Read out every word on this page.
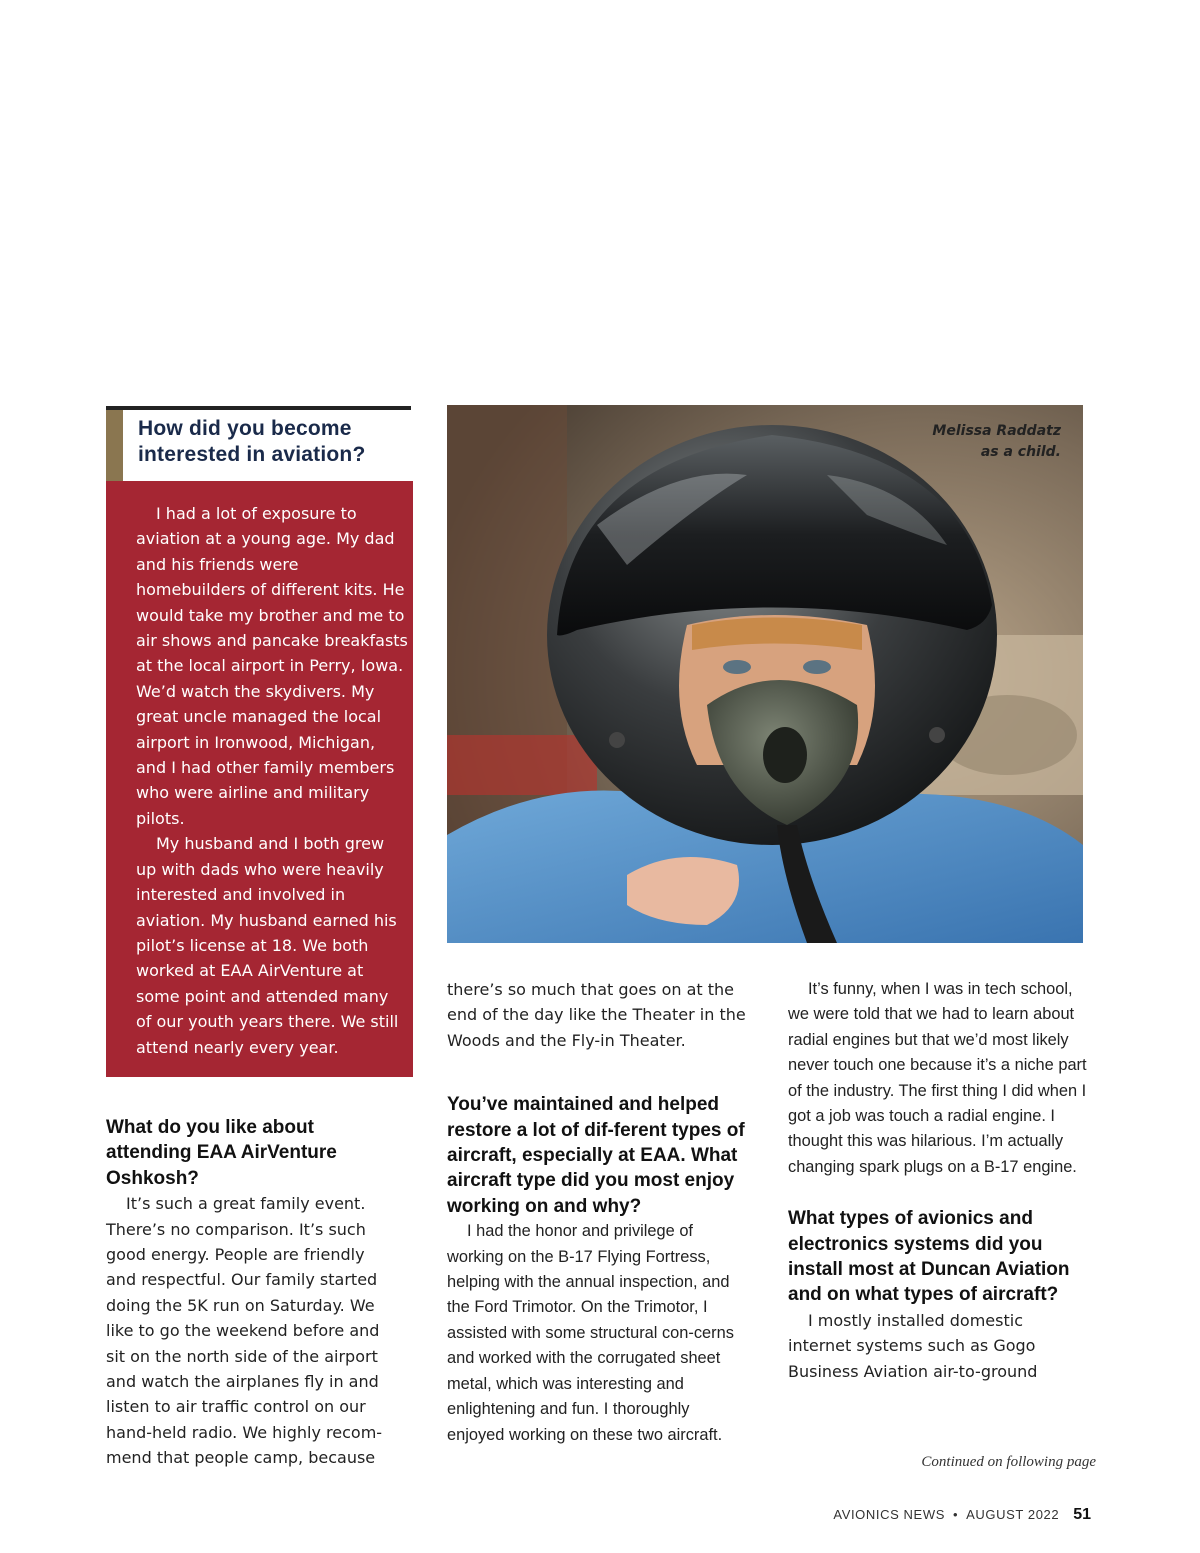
How did you become interested in aviation?

I had a lot of exposure to aviation at a young age. My dad and his friends were homebuilders of different kits. He would take my brother and me to air shows and pancake breakfasts at the local airport in Perry, Iowa. We’d watch the skydivers. My great uncle managed the local airport in Ironwood, Michigan, and I had other family members who were airline and military pilots.

My husband and I both grew up with dads who were heavily interested and involved in aviation. My husband earned his pilot’s license at 18. We both worked at EAA AirVenture at some point and attended many of our youth years there. We still attend nearly every year.

Melissa Raddatz
as a child.
What do you like about attending EAA AirVenture Oshkosh?

It’s such a great family event. There’s no comparison. It’s such good energy. People are friendly and respectful. Our family started doing the 5K run on Saturday. We like to go the weekend before and sit on the north side of the airport and watch the airplanes fly in and listen to air traffic control on our hand-held radio. We highly recom-mend that people camp, because

there’s so much that goes on at the end of the day like the Theater in the Woods and the Fly-in Theater.

You’ve maintained and helped restore a lot of dif-ferent types of aircraft, especially at EAA. What aircraft type did you most enjoy working on and why?

I had the honor and privilege of working on the B-17 Flying Fortress, helping with the annual inspection, and the Ford Trimotor. On the Trimotor, I assisted with some structural con-cerns and worked with the corrugated sheet metal, which was interesting and enlightening and fun. I thoroughly enjoyed working on these two aircraft.

It’s funny, when I was in tech school, we were told that we had to learn about radial engines but that we’d most likely never touch one because it’s a niche part of the industry. The first thing I did when I got a job was touch a radial engine. I thought this was hilarious. I’m actually changing spark plugs on a B-17 engine.

What types of avionics and electronics systems did you install most at Duncan Aviation and on what types of aircraft?

I mostly installed domestic internet systems such as Gogo Business Aviation air-to-ground

Continued on following page
AVIONICS NEWS • AUGUST 2022 51
